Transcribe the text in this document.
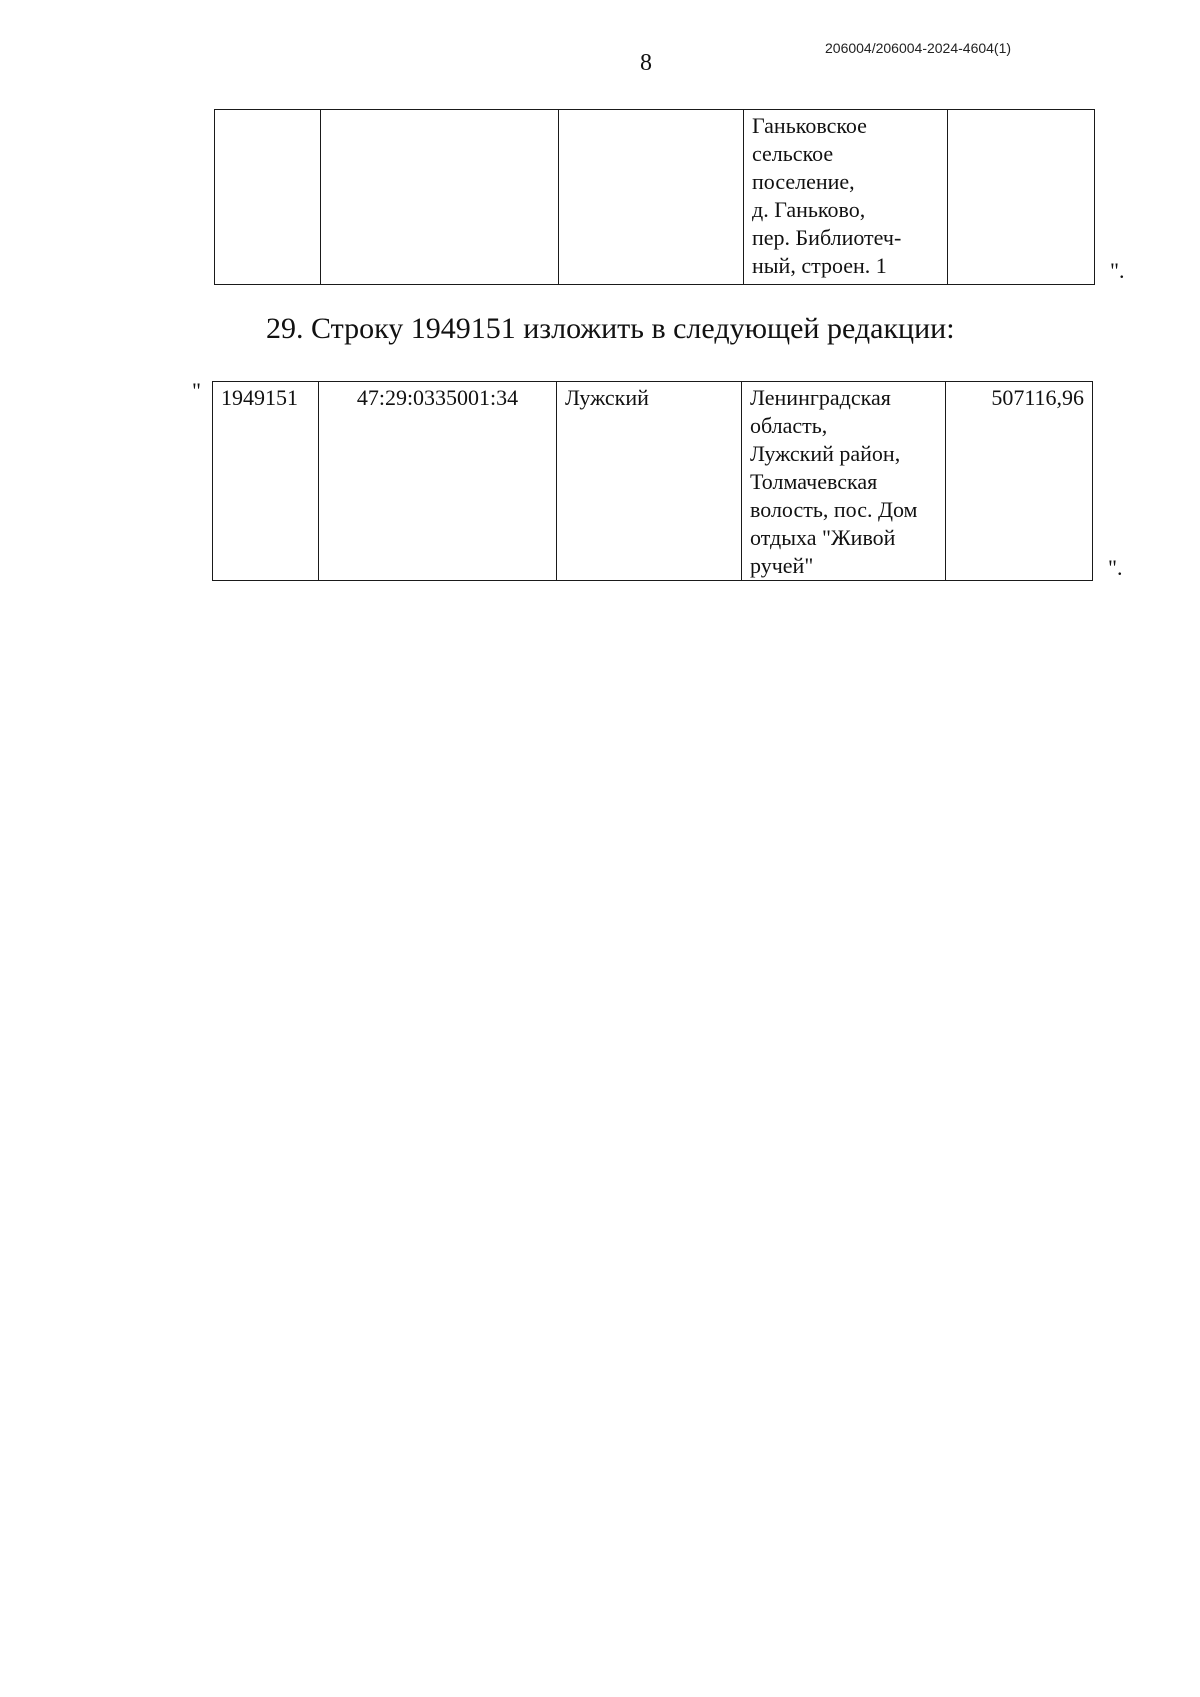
8
206004/206004-2024-4604(1)
			Ганьковское
сельское
поселение,
д. Ганьково,
пер. Библиотеч-
ный, строен. 1		".
29. Строку 1949151 изложить в следующей редакции:
" 1949151	47:29:0335001:34	Лужский	Ленинградская
область,
Лужский район,
Толмачевская
волость, пос. Дом
отдыха "Живой
ручей"	507116,96
".
